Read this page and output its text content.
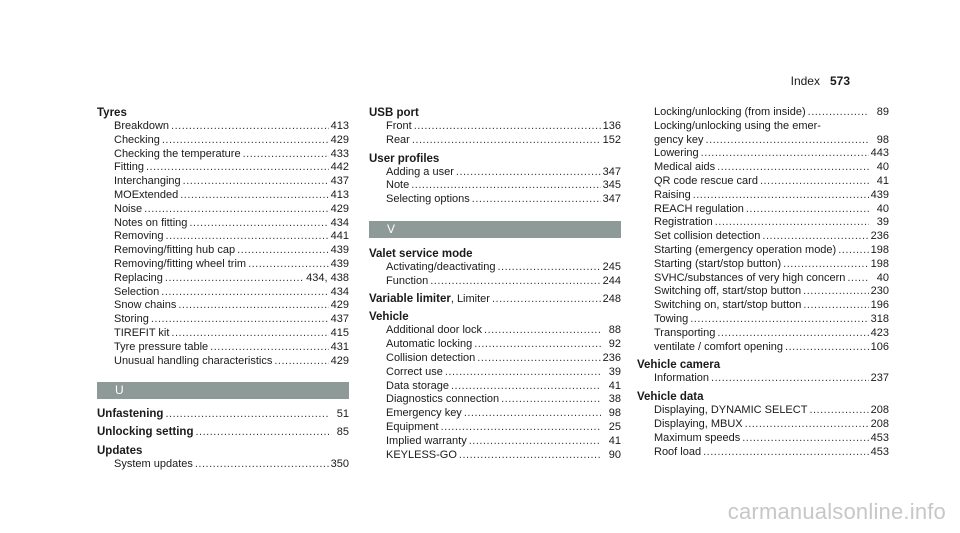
Index 573
Tyres
Breakdown .....	413
Checking .....	429
Checking the temperature .....	433
Fitting .....	442
Interchanging .....	437
MOExtended .....	413
Noise .....	429
Notes on fitting .....	434
Removing .....	441
Removing/fitting hub cap .....	439
Removing/fitting wheel trim .....	439
Replacing .....	434, 438
Selection .....	434
Snow chains .....	429
Storing .....	437
TIREFIT kit .....	415
Tyre pressure table .....	431
Unusual handling characteristics .....	429
U
Unfastening .....	51
Unlocking setting .....	85
Updates
System updates .....	350
USB port
Front .....	136
Rear .....	152
User profiles
Adding a user .....	347
Note .....	345
Selecting options .....	347
V
Valet service mode
Activating/deactivating .....	245
Function .....	244
Variable limiter, Limiter .....	248
Vehicle
Additional door lock .....	88
Automatic locking .....	92
Collision detection .....	236
Correct use .....	39
Data storage .....	41
Diagnostics connection .....	38
Emergency key .....	98
Equipment .....	25
Implied warranty .....	41
KEYLESS-GO .....	90
Locking/unlocking (from inside) .....	89
Locking/unlocking using the emer-
gency key .....	98
Lowering .....	443
Medical aids .....	40
QR code rescue card .....	41
Raising .....	439
REACH regulation .....	40
Registration .....	39
Set collision detection .....	236
Starting (emergency operation mode) .....	198
Starting (start/stop button) .....	198
SVHC/substances of very high concern .....	40
Switching off, start/stop button .....	230
Switching on, start/stop button .....	196
Towing .....	318
Transporting .....	423
ventilate / comfort opening .....	106
Vehicle camera
Information .....	237
Vehicle data
Displaying, DYNAMIC SELECT .....	208
Displaying, MBUX .....	208
Maximum speeds .....	453
Roof load .....	453
carmanualsonline.info
